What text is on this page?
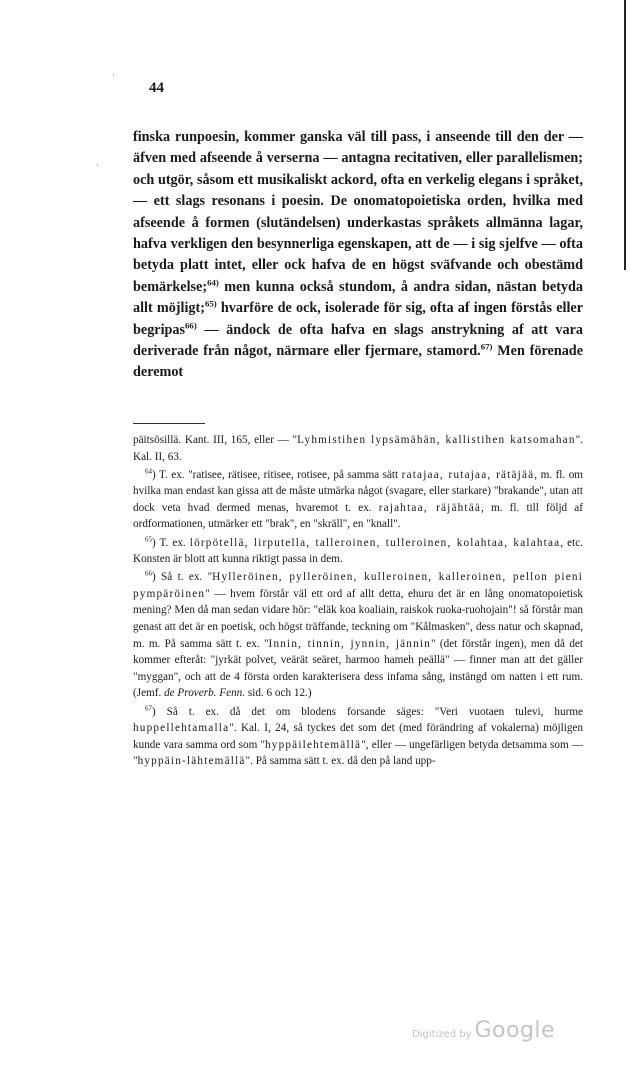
·
·
44
finska runpoesin, kommer ganska väl till pass, i anseende till den der — äfven med afseende å verserna — antagna recitativen, eller parallelismen; och utgör, såsom ett musikaliskt ackord, ofta en verkelig elegans i språket, — ett slags resonans i poesin. De onomatopoietiska orden, hvilka med afseende å formen (slutändelsen) underkastas språkets allmänna lagar, hafva verkligen den besynnerliga egenskapen, att de — i sig sjelfve — ofta betyda platt intet, eller ock hafva de en högst sväfvande och obestämd bemärkelse;$^{64)}$ men kunna också stundom, å andra sidan, nästan betyda allt möjligt;$^{65)}$ hvarföre de ock, isolerade för sig, ofta af ingen förstås eller begripas$^{66)}$ — ändock de ofta hafva en slags anstrykning af att vara deriverade från något, närmare eller fjermare, stamord.$^{67)}$ Men förenade deremot

päitsösillä. Kant. III, 165, eller — "Lyhmistihen lypsämähän, kallistihen katsomahan". Kal. II, 63.

$^{64}$) T. ex. "ratisee, rätisee, ritisee, rotisee, på samma sätt ratajaa, rutajaa, rätäjää, m. fl. om hvilka man endast kan gissa att de måste utmärka något (svagare, eller starkare) "brakande", utan att dock veta hvad dermed menas, hvaremot t. ex. rajahtaa, räjähtää, m. fl. till följd af ordformationen, utmärker ett "brak", en "skräll", en "knall".

$^{65}$) T. ex. lörpötellä, lirputella, talleroinen, tulleroinen, kolahtaa, kalahtaa, etc. Konsten är blott att kunna riktigt passa in dem.

$^{66}$) Så t. ex. "Hylleröinen, pylleröinen, kulleroinen, kalleroinen, pellon pieni pympäröinen" — hvem förstår väl ett ord af allt detta, ehuru det är en lång onomatopoietisk mening? Men då man sedan vidare hör: "eläk koa koaliain, raiskok ruoka-ruohojain"! så förstår man genast att det är en poetisk, och högst träffande, teckning om "Kålmasken", dess natur och skapnad, m. m. På samma sätt t. ex. "Innin, tinnin, jynnin, jännin" (det förstår ingen), men då det kommer efteråt: "jyrkät polvet, veärät seäret, harmoo hameh peällä" — finner man att det gäller "myggan", och att de 4 första orden karakterisera dess infama sång, instängd om natten i ett rum. (Jemf. de Proverb. Fenn. sid. 6 och 12.)

$^{67}$) Så t. ex. då det om blodens forsande säges: "Veri vuotaen tulevi, hurme huppellehtamalla". Kal. I, 24, så tyckes det som det (med förändring af vokalerna) möjligen kunde vara samma ord som "hyppäilehtemällä", eller — ungefärligen betyda detsamma som — "hyppäin-lähtemällä". På samma sätt t. ex. då den på land upp-

Digitized by Google
